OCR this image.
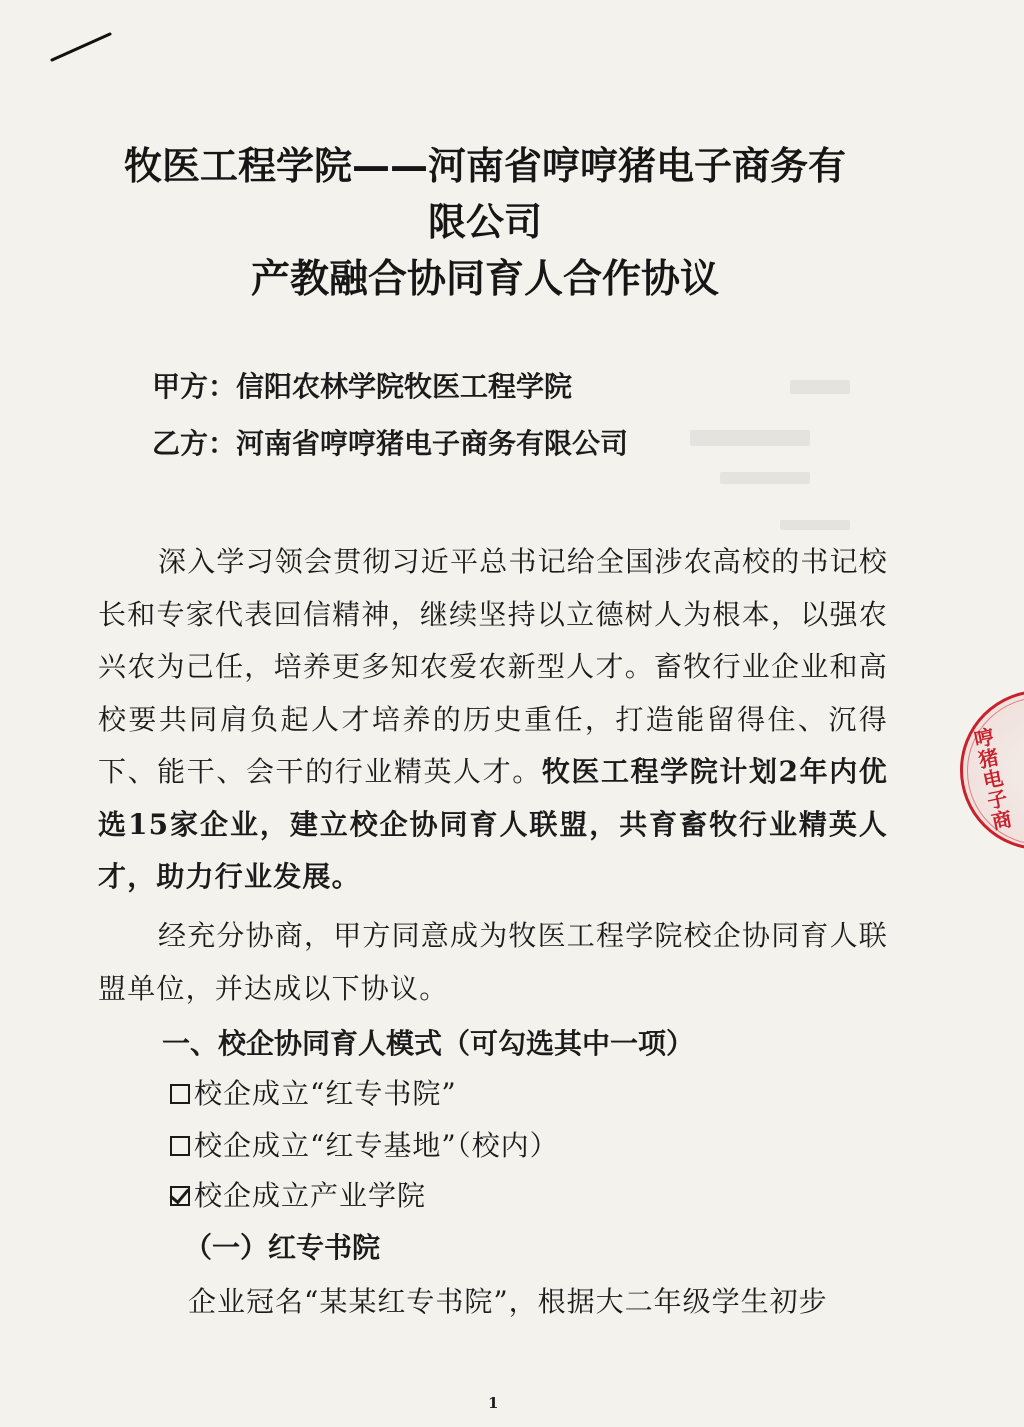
牧医工程学院——河南省哼哼猪电子商务有
限公司
产教融合协同育人合作协议
甲方：信阳农林学院牧医工程学院
乙方：河南省哼哼猪电子商务有限公司
深入学习领会贯彻习近平总书记给全国涉农高校的书记校长和专家代表回信精神，继续坚持以立德树人为根本，以强农兴农为己任，培养更多知农爱农新型人才。畜牧行业企业和高校要共同肩负起人才培养的历史重任，打造能留得住、沉得下、能干、会干的行业精英人才。牧医工程学院计划2年内优选15家企业，建立校企协同育人联盟，共育畜牧行业精英人才，助力行业发展。
经充分协商，甲方同意成为牧医工程学院校企协同育人联盟单位，并达成以下协议。
一、校企协同育人模式（可勾选其中一项）
校企成立“红专书院”
校企成立“红专基地”（校内）
校企成立产业学院
（一）红专书院
企业冠名“某某红专书院”，根据大二年级学生初步
1
哼猪电子商
